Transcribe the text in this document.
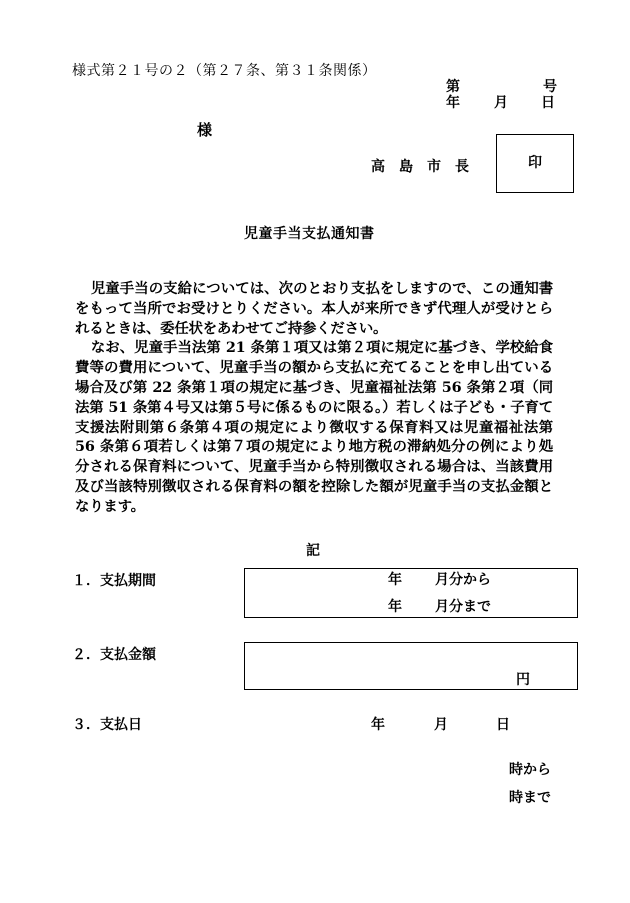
様式第２１号の２（第２７条、第３１条関係）
第	号
年 月 日
様
高島市長	印
児童手当支払通知書

児童手当の支給については、次のとおり支払をしますので、この通知書をもって当所でお受けとりください。本人が来所できず代理人が受けとられるときは、委任状をあわせてご持参ください。

なお、児童手当法第 21 条第１項又は第２項に規定に基づき、学校給食費等の費用について、児童手当の額から支払に充てることを申し出ている場合及び第 22 条第１項の規定に基づき、児童福祉法第 56 条第２項（同法第 51 条第４号又は第５号に係るものに限る。）若しくは子ども・子育て支援法附則第６条第４項の規定により徴収する保育料又は児童福祉法第 56 条第６項若しくは第７項の規定により地方税の滞納処分の例により処分される保育料について、児童手当から特別徴収される場合は、当該費用及び当該特別徴収される保育料の額を控除した額が児童手当の支払金額となります。

記
１．支払期間	年 月分から
年 月分まで
２．支払金額
円
３．支払日	年	月	日
時から
時まで
